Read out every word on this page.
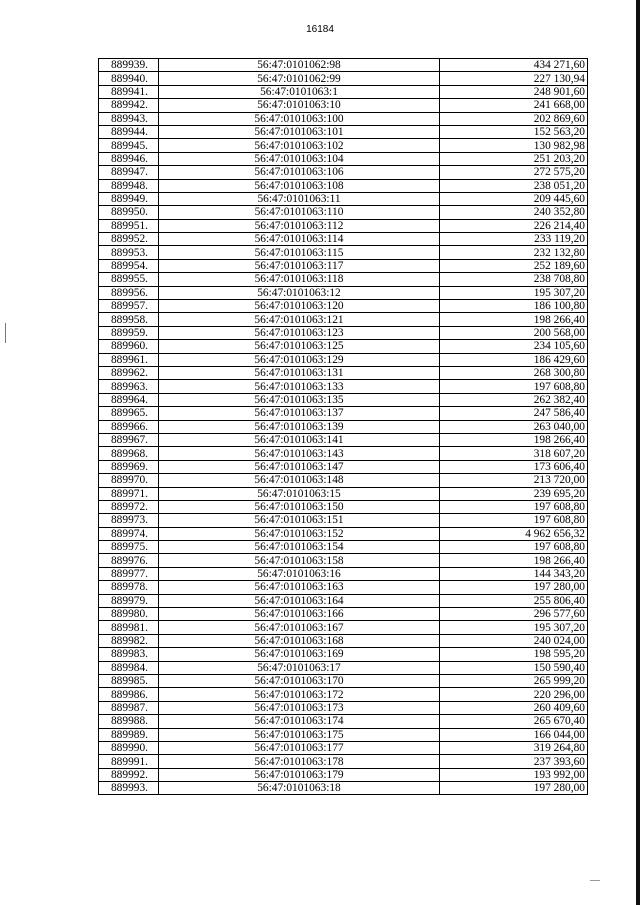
16184
889939.	56:47:0101062:98	434 271,60
889940.	56:47:0101062:99	227 130,94
889941.	56:47:0101063:1	248 901,60
889942.	56:47:0101063:10	241 668,00
889943.	56:47:0101063:100	202 869,60
889944.	56:47:0101063:101	152 563,20
889945.	56:47:0101063:102	130 982,98
889946.	56:47:0101063:104	251 203,20
889947.	56:47:0101063:106	272 575,20
889948.	56:47:0101063:108	238 051,20
889949.	56:47:0101063:11	209 445,60
889950.	56:47:0101063:110	240 352,80
889951.	56:47:0101063:112	226 214,40
889952.	56:47:0101063:114	233 119,20
889953.	56:47:0101063:115	232 132,80
889954.	56:47:0101063:117	252 189,60
889955.	56:47:0101063:118	238 708,80
889956.	56:47:0101063:12	195 307,20
889957.	56:47:0101063:120	186 100,80
889958.	56:47:0101063:121	198 266,40
889959.	56:47:0101063:123	200 568,00
889960.	56:47:0101063:125	234 105,60
889961.	56:47:0101063:129	186 429,60
889962.	56:47:0101063:131	268 300,80
889963.	56:47:0101063:133	197 608,80
889964.	56:47:0101063:135	262 382,40
889965.	56:47:0101063:137	247 586,40
889966.	56:47:0101063:139	263 040,00
889967.	56:47:0101063:141	198 266,40
889968.	56:47:0101063:143	318 607,20
889969.	56:47:0101063:147	173 606,40
889970.	56:47:0101063:148	213 720,00
889971.	56:47:0101063:15	239 695,20
889972.	56:47:0101063:150	197 608,80
889973.	56:47:0101063:151	197 608,80
889974.	56:47:0101063:152	4 962 656,32
889975.	56:47:0101063:154	197 608,80
889976.	56:47:0101063:158	198 266,40
889977.	56:47:0101063:16	144 343,20
889978.	56:47:0101063:163	197 280,00
889979.	56:47:0101063:164	255 806,40
889980.	56:47:0101063:166	296 577,60
889981.	56:47:0101063:167	195 307,20
889982.	56:47:0101063:168	240 024,00
889983.	56:47:0101063:169	198 595,20
889984.	56:47:0101063:17	150 590,40
889985.	56:47:0101063:170	265 999,20
889986.	56:47:0101063:172	220 296,00
889987.	56:47:0101063:173	260 409,60
889988.	56:47:0101063:174	265 670,40
889989.	56:47:0101063:175	166 044,00
889990.	56:47:0101063:177	319 264,80
889991.	56:47:0101063:178	237 393,60
889992.	56:47:0101063:179	193 992,00
889993.	56:47:0101063:18	197 280,00
